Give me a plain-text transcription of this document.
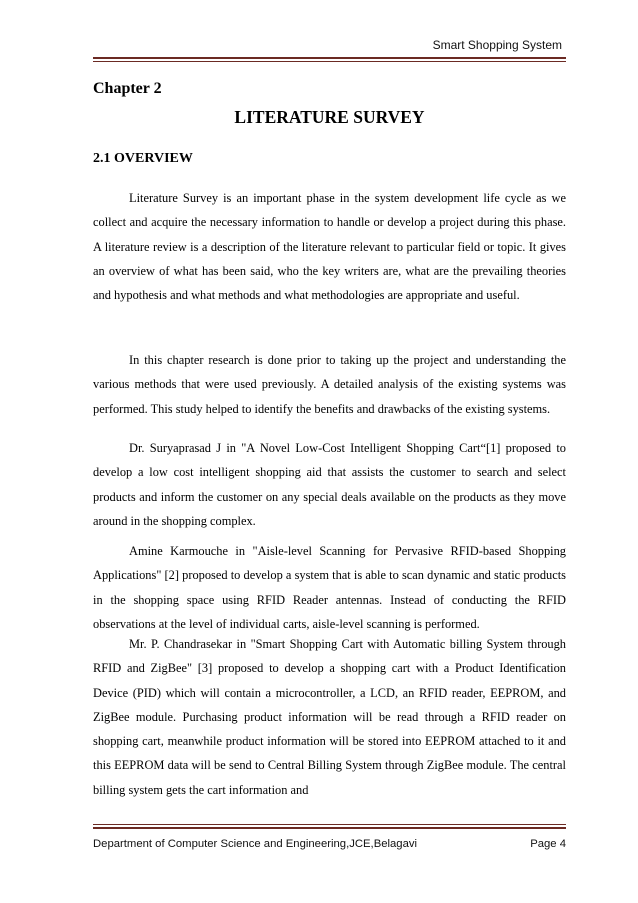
Smart Shopping System
Chapter 2
LITERATURE SURVEY
2.1 OVERVIEW

Literature Survey is an important phase in the system development life cycle as we collect and acquire the necessary information to handle or develop a project during this phase. A literature review is a description of the literature relevant to particular field or topic. It gives an overview of what has been said, who the key writers are, what are the prevailing theories and hypothesis and what methods and what methodologies are appropriate and useful.

In this chapter research is done prior to taking up the project and understanding the various methods that were used previously. A detailed analysis of the existing systems was performed. This study helped to identify the benefits and drawbacks of the existing systems.

Dr. Suryaprasad J in "A Novel Low-Cost Intelligent Shopping Cart“[1] proposed to develop a low cost intelligent shopping aid that assists the customer to search and select products and inform the customer on any special deals available on the products as they move around in the shopping complex.

Amine Karmouche in "Aisle-level Scanning for Pervasive RFID-based Shopping Applications" [2] proposed to develop a system that is able to scan dynamic and static products in the shopping space using RFID Reader antennas. Instead of conducting the RFID observations at the level of individual carts, aisle-level scanning is performed.

Mr. P. Chandrasekar in "Smart Shopping Cart with Automatic billing System through RFID and ZigBee" [3] proposed to develop a shopping cart with a Product Identification Device (PID) which will contain a microcontroller, a LCD, an RFID reader, EEPROM, and ZigBee module. Purchasing product information will be read through a RFID reader on shopping cart, meanwhile product information will be stored into EEPROM attached to it and this EEPROM data will be send to Central Billing System through ZigBee module. The central billing system gets the cart information and

Department of Computer Science and Engineering,JCE,Belagavi	Page 4
